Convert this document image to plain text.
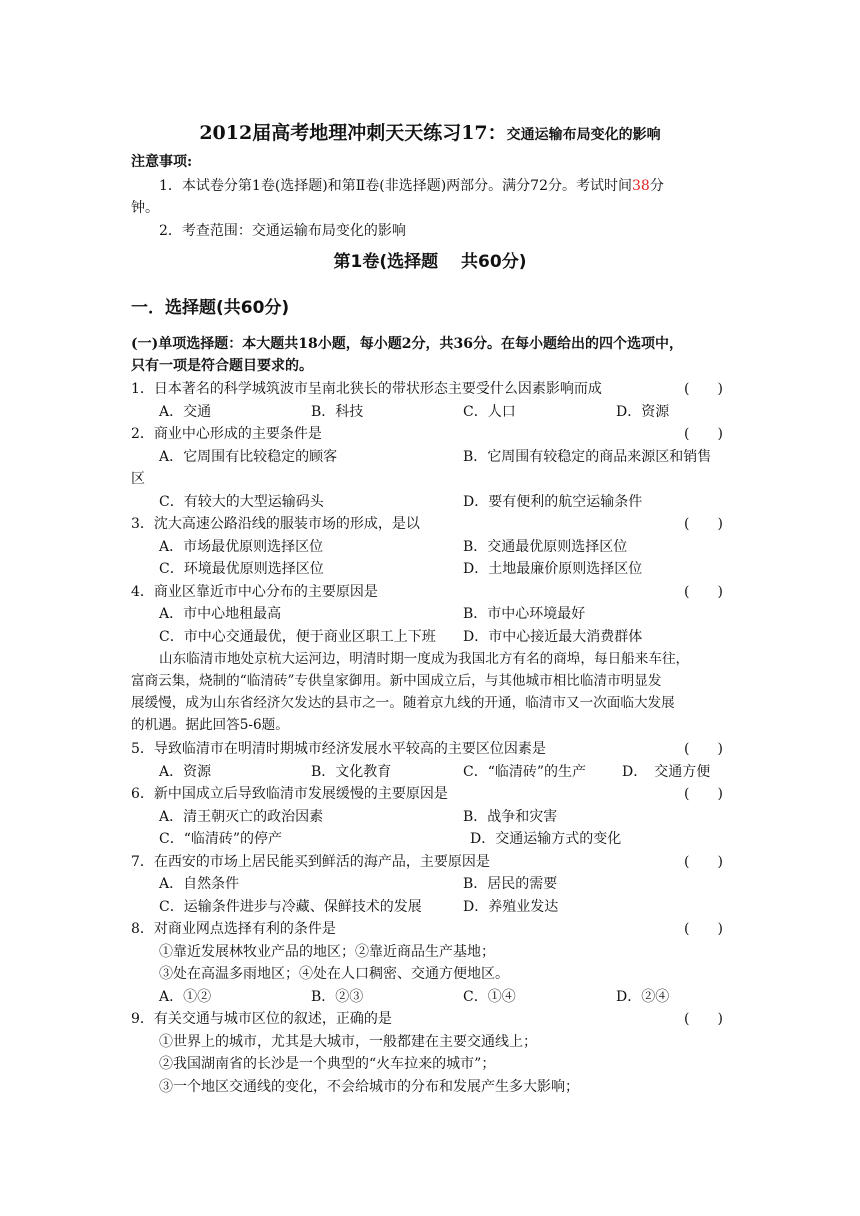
2012届高考地理冲刺天天练习17：交通运输布局变化的影响
注意事项:
1．本试卷分第1卷(选择题)和第Ⅱ卷(非选择题)两部分。满分72分。考试时间38分
钟。
2．考查范围：交通运输布局变化的影响
第1卷(选择题　 共60分)
一．选择题(共60分)
(一)单项选择题：本大题共18小题，每小题2分，共36分。在每小题给出的四个选项中，
只有一项是符合题目要求的。
1．日本著名的科学城筑波市呈南北狭长的带状形态主要受什么因素影响而成	(　　)
A．交通	B．科技	C．人口	D．资源
2．商业中心形成的主要条件是	(　　)
A．它周围有比较稳定的顾客	B．它周围有较稳定的商品来源区和销售
区
C．有较大的大型运输码头	D．要有便利的航空运输条件
3．沈大高速公路沿线的服装市场的形成，是以	(　　)
A．市场最优原则选择区位	B．交通最优原则选择区位
C．环境最优原则选择区位	D．土地最廉价原则选择区位
4．商业区靠近市中心分布的主要原因是	(　　)
A．市中心地租最高	B．市中心环境最好
C．市中心交通最优，便于商业区职工上下班 D．市中心接近最大消费群体
山东临清市地处京杭大运河边，明清时期一度成为我国北方有名的商埠，每日船来车往，
富商云集，烧制的“临清砖”专供皇家御用。新中国成立后，与其他城市相比临清市明显发
展缓慢，成为山东省经济欠发达的县市之一。随着京九线的开通，临清市又一次面临大发展
的机遇。据此回答5-6题。
5．导致临清市在明清时期城市经济发展水平较高的主要区位因素是	(　　)
A．资源	B．文化教育	C．“临清砖”的生产	D．　交通方便
6．新中国成立后导致临清市发展缓慢的主要原因是	(　　)
A．清王朝灭亡的政治因素	B．战争和灾害
C．“临清砖”的停产	D．交通运输方式的变化
7．在西安的市场上居民能买到鲜活的海产品，主要原因是	(　　)
A．自然条件	B．居民的需要
C．运输条件进步与冷藏、保鲜技术的发展	D．养殖业发达
8．对商业网点选择有利的条件是	(　　)
①靠近发展林牧业产品的地区；②靠近商品生产基地；
③处在高温多雨地区；④处在人口稠密、交通方便地区。
A．①②	B．②③	C．①④	D．②④
9．有关交通与城市区位的叙述，正确的是	(　　)
①世界上的城市，尤其是大城市，一般都建在主要交通线上；
②我国湖南省的长沙是一个典型的“火车拉来的城市”；
③一个地区交通线的变化，不会给城市的分布和发展产生多大影响；
